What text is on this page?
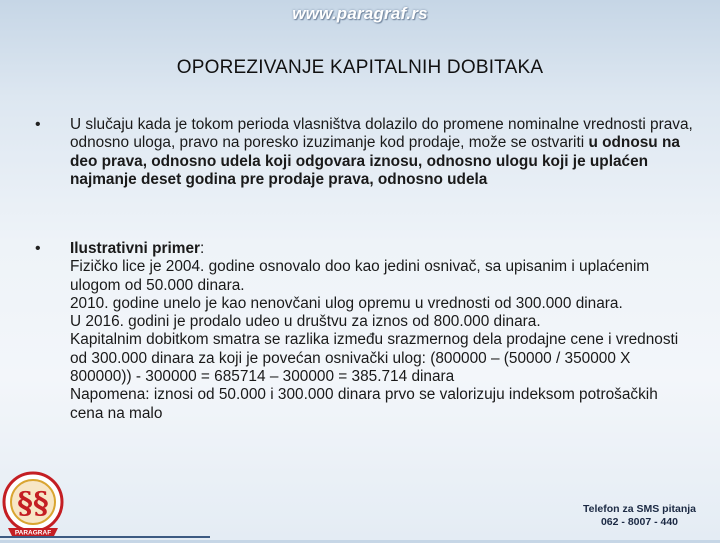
www.paragraf.rs
OPOREZIVANJE KAPITALNIH DOBITAKA
• U slučaju kada je tokom perioda vlasništva dolazilo do promene nominalne vrednosti prava, odnosno uloga, pravo na poresko izuzimanje kod prodaje, može se ostvariti u odnosu na deo prava, odnosno udela koji odgovara iznosu, odnosno ulogu koji je uplaćen najmanje deset godina pre prodaje prava, odnosno udela
• Ilustrativni primer:
Fizičko lice je 2004. godine osnovalo doo kao jedini osnivač, sa upisanim i uplaćenim ulogom od 50.000 dinara.
2010. godine unelo je kao nenovčani ulog opremu u vrednosti od 300.000 dinara.
U 2016. godini je prodalo udeo u društvu za iznos od 800.000 dinara.
Kapitalnim dobitkom smatra se razlika između srazmernog dela prodajne cene i vrednosti od 300.000 dinara za koji je povećan osnivački ulog: (800000 – (50000 / 350000 X 800000)) - 300000 = 685714 – 300000 = 385.714 dinara
Napomena: iznosi od 50.000 i 300.000 dinara prvo se valorizuju indeksom potrošačkih cena na malo
§§
PARAGRAF
Telefon za SMS pitanja
062 - 8007 - 440
